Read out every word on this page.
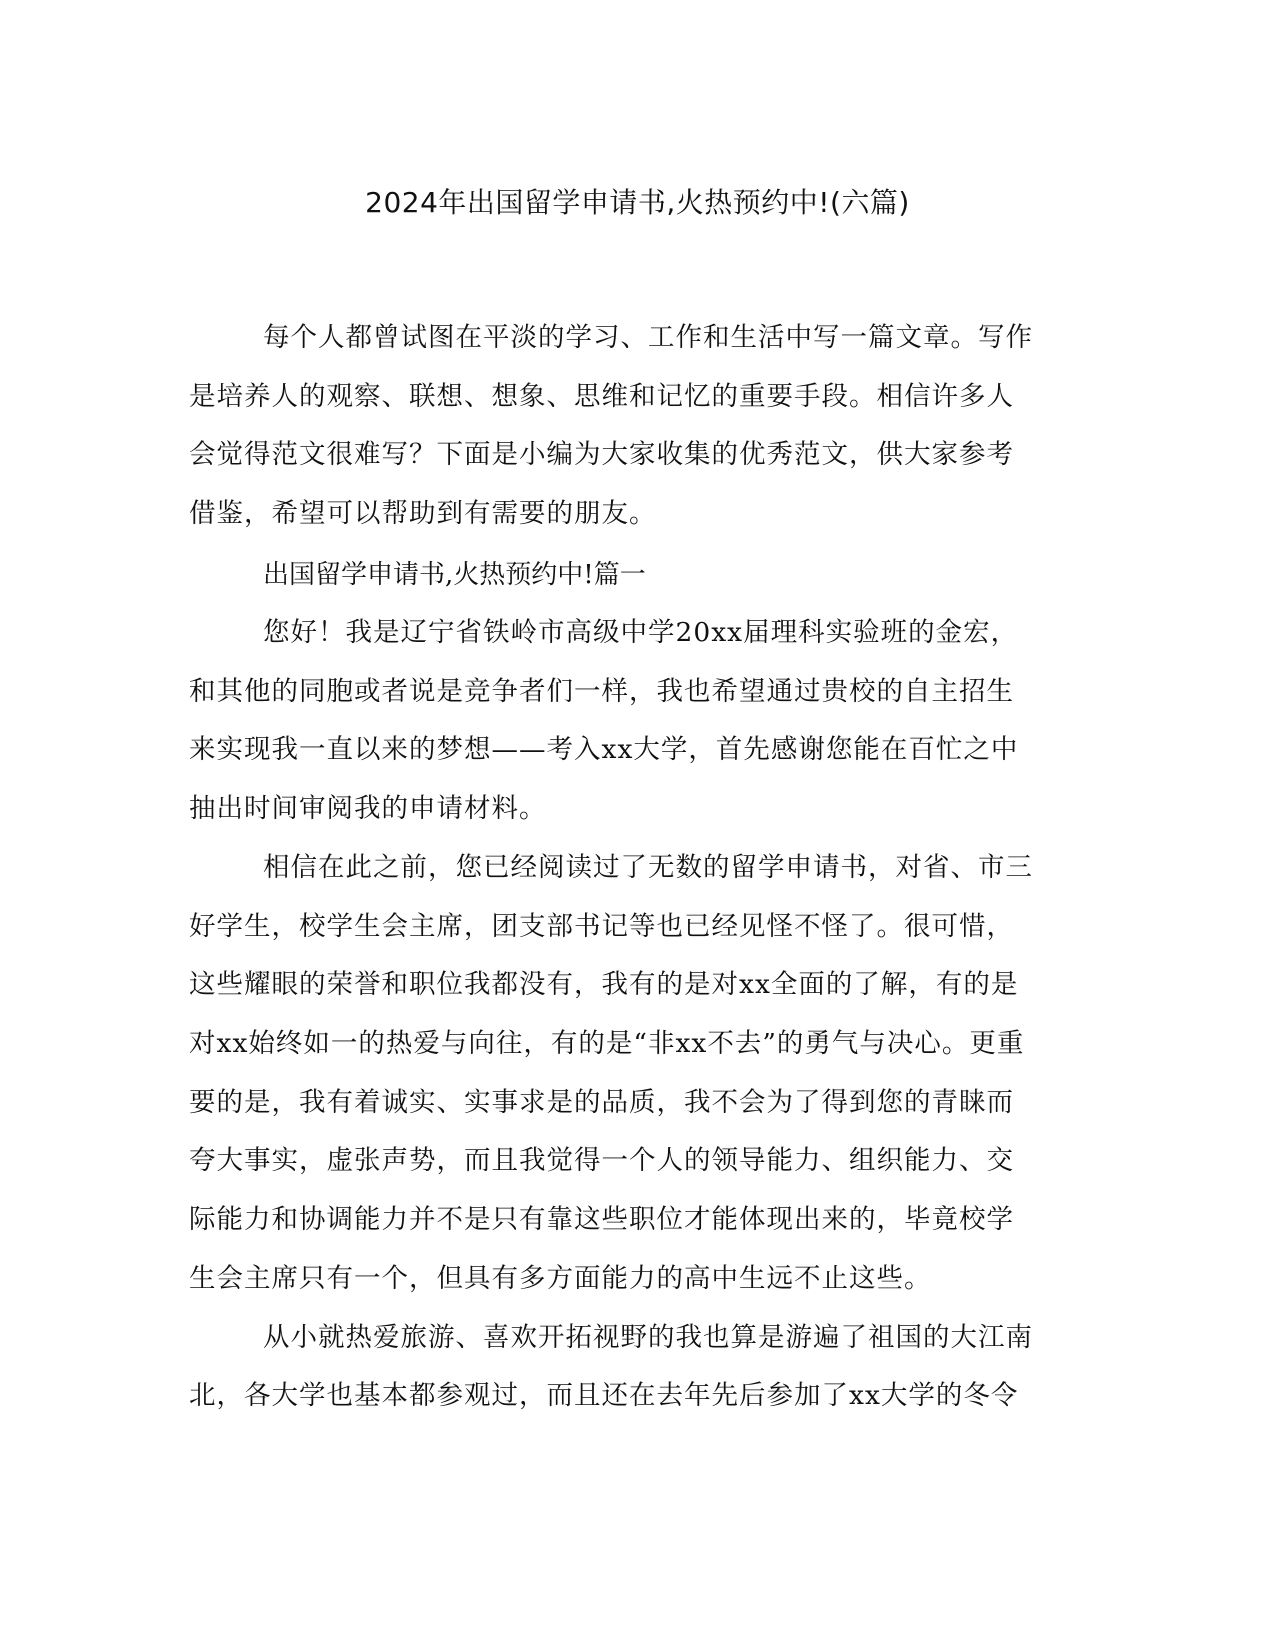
2024年出国留学申请书,火热预约中!(六篇)
每个人都曾试图在平淡的学习、工作和生活中写一篇文章。写作
是培养人的观察、联想、想象、思维和记忆的重要手段。相信许多人
会觉得范文很难写？下面是小编为大家收集的优秀范文，供大家参考
借鉴，希望可以帮助到有需要的朋友。
出国留学申请书,火热预约中!篇一
您好！我是辽宁省铁岭市高级中学20xx届理科实验班的金宏，
和其他的同胞或者说是竞争者们一样，我也希望通过贵校的自主招生
来实现我一直以来的梦想——考入xx大学，首先感谢您能在百忙之中
抽出时间审阅我的申请材料。
相信在此之前，您已经阅读过了无数的留学申请书，对省、市三
好学生，校学生会主席，团支部书记等也已经见怪不怪了。很可惜，
这些耀眼的荣誉和职位我都没有，我有的是对xx全面的了解，有的是
对xx始终如一的热爱与向往，有的是“非xx不去”的勇气与决心。更重
要的是，我有着诚实、实事求是的品质，我不会为了得到您的青睐而
夸大事实，虚张声势，而且我觉得一个人的领导能力、组织能力、交
际能力和协调能力并不是只有靠这些职位才能体现出来的，毕竟校学
生会主席只有一个，但具有多方面能力的高中生远不止这些。
从小就热爱旅游、喜欢开拓视野的我也算是游遍了祖国的大江南
北，各大学也基本都参观过，而且还在去年先后参加了xx大学的冬令
